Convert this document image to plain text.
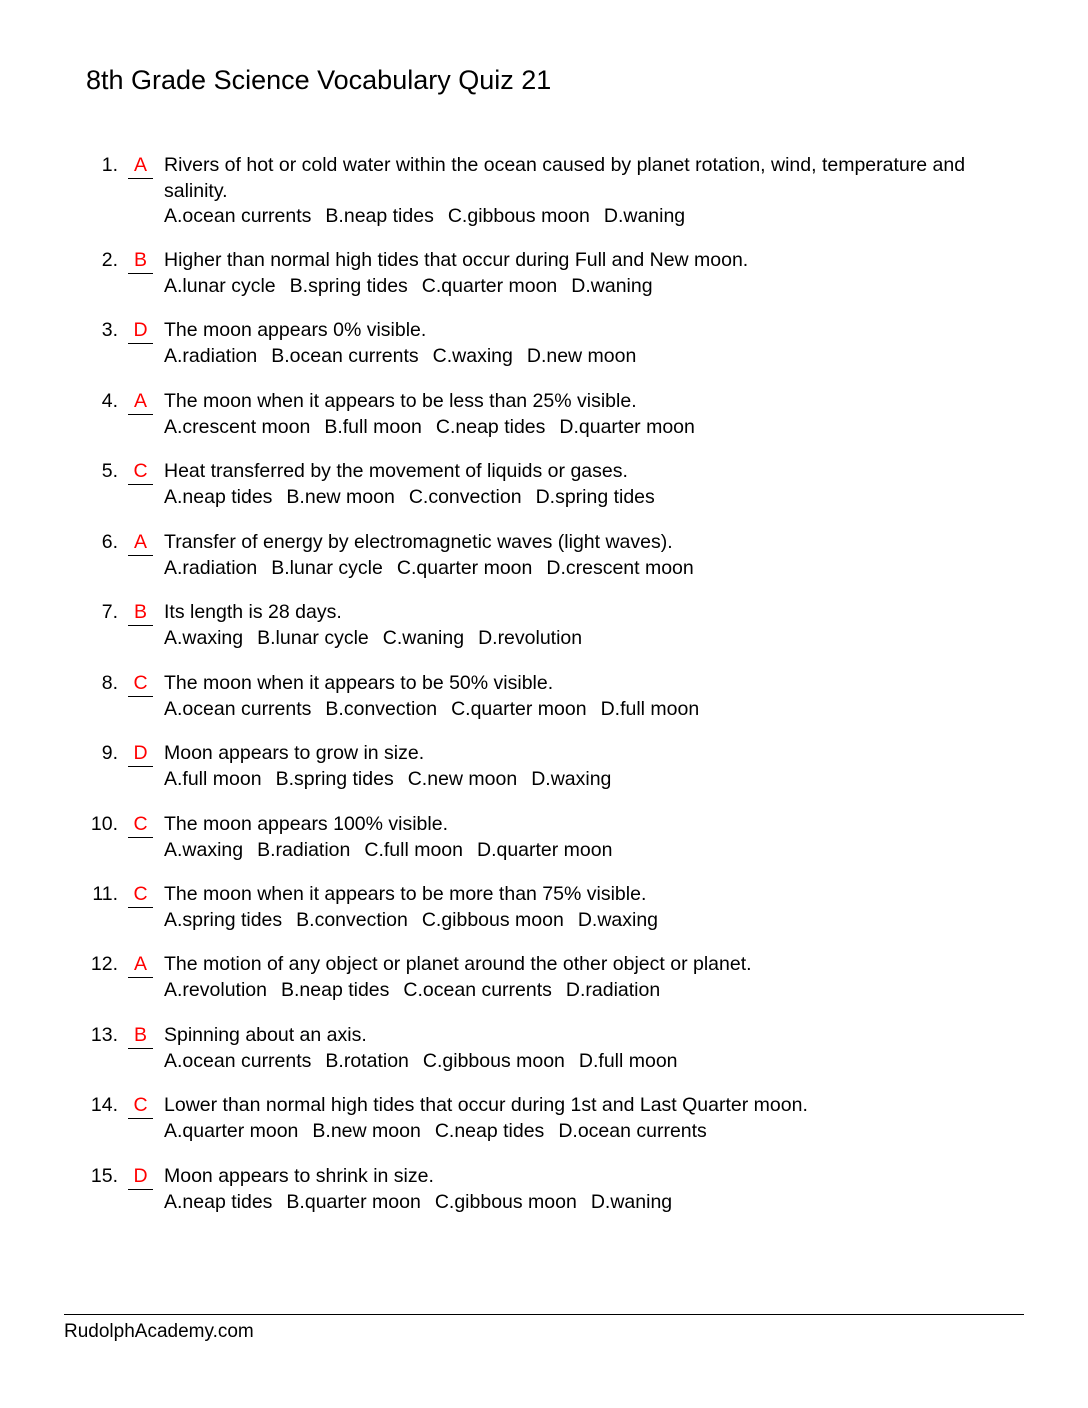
8th Grade Science Vocabulary Quiz 21
1. A Rivers of hot or cold water within the ocean caused by planet rotation, wind, temperature and salinity.
A.ocean currents B.neap tides C.gibbous moon D.waning
2. B Higher than normal high tides that occur during Full and New moon.
A.lunar cycle B.spring tides C.quarter moon D.waning
3. D The moon appears 0% visible.
A.radiation B.ocean currents C.waxing D.new moon
4. A The moon when it appears to be less than 25% visible.
A.crescent moon B.full moon C.neap tides D.quarter moon
5. C Heat transferred by the movement of liquids or gases.
A.neap tides B.new moon C.convection D.spring tides
6. A Transfer of energy by electromagnetic waves (light waves).
A.radiation B.lunar cycle C.quarter moon D.crescent moon
7. B Its length is 28 days.
A.waxing B.lunar cycle C.waning D.revolution
8. C The moon when it appears to be 50% visible.
A.ocean currents B.convection C.quarter moon D.full moon
9. D Moon appears to grow in size.
A.full moon B.spring tides C.new moon D.waxing
10. C The moon appears 100% visible.
A.waxing B.radiation C.full moon D.quarter moon
11. C The moon when it appears to be more than 75% visible.
A.spring tides B.convection C.gibbous moon D.waxing
12. A The motion of any object or planet around the other object or planet.
A.revolution B.neap tides C.ocean currents D.radiation
13. B Spinning about an axis.
A.ocean currents B.rotation C.gibbous moon D.full moon
14. C Lower than normal high tides that occur during 1st and Last Quarter moon.
A.quarter moon B.new moon C.neap tides D.ocean currents
15. D Moon appears to shrink in size.
A.neap tides B.quarter moon C.gibbous moon D.waning
RudolphAcademy.com
